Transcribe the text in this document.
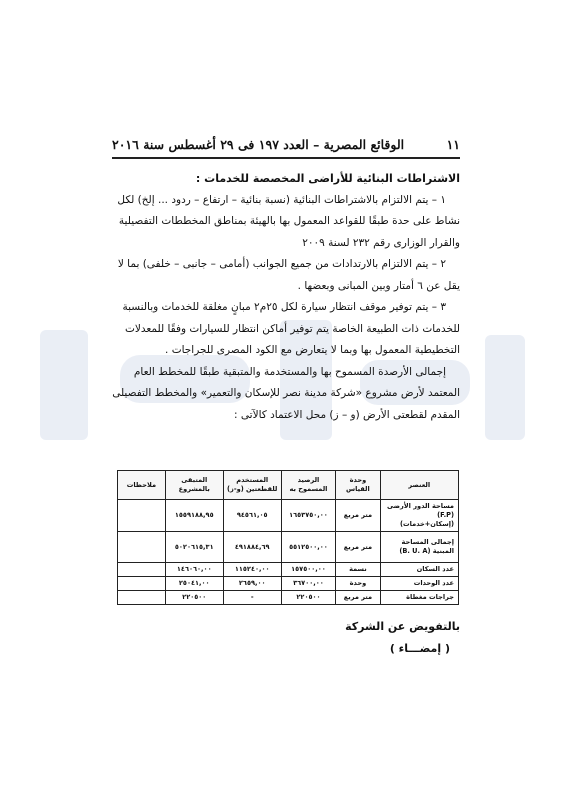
١١
الوقائع المصرية – العدد ١٩٧ فى ٢٩ أغسطس سنة ٢٠١٦

الاشتراطات البنائية للأراضى المخصصة للخدمات :

١ – يتم الالتزام بالاشتراطات البنائية (نسبة بنائية – ارتفاع – ردود ... إلخ) لكل نشاط على حدة طبقًا للقواعد المعمول بها بالهيئة بمناطق المخططات التفصيلية والقرار الوزارى رقم ٢٣٢ لسنة ٢٠٠٩

٢ – يتم الالتزام بالارتدادات من جميع الجوانب (أمامى – جانبى – خلفى) بما لا يقل عن ٦ أمتار وبين المبانى وبعضها .

٣ – يتم توفير موقف انتظار سيارة لكل ٢٥م٢ مبانٍ مغلقة للخدمات وبالنسبة للخدمات ذات الطبيعة الخاصة يتم توفير أماكن انتظار للسيارات وفقًا للمعدلات التخطيطية المعمول بها وبما لا يتعارض مع الكود المصرى للجراجات .

إجمالى الأرصدة المسموح بها والمستخدمة والمتبقية طبقًا للمخطط العام المعتمد لأرض مشروع «شركة مدينة نصر للإسكان والتعمير» والمخطط التفصيلى المقدم لقطعتى الأرض (و – ز) محل الاعتماد كالآتى :

العنصر	وحدة القياس	الرصيد المسموح به	المستخدم للقطعتين (و-ز)	المتبقى بالمشروع	ملاحظات
مساحة الدور الأرضى (F.P) (إسكان+خدمات)	متر مربع	١٦٥٣٧٥٠,٠٠	٩٤٥٦١,٠٥	١٥٥٩١٨٨,٩٥	
إجمالى المساحة المبنية (B. U. A)	متر مربع	٥٥١٢٥٠٠,٠٠	٤٩١٨٨٤,٦٩	٥٠٢٠٦١٥,٣١	
عدد السكان	نسمة	١٥٧٥٠٠,٠٠	١١٥٢٤٠,٠٠	١٤٦٠٦٠,٠٠	
عدد الوحدات	وحدة	٣٦٧٠٠,٠٠	٢٦٥٩,٠٠	٢٥٠٤١,٠٠	
جراجات مغطاة	متر مربع	٢٢٠٥٠٠	-	٢٢٠٥٠٠	
بالتفويض عن الشركة
( إمضـــاء )
